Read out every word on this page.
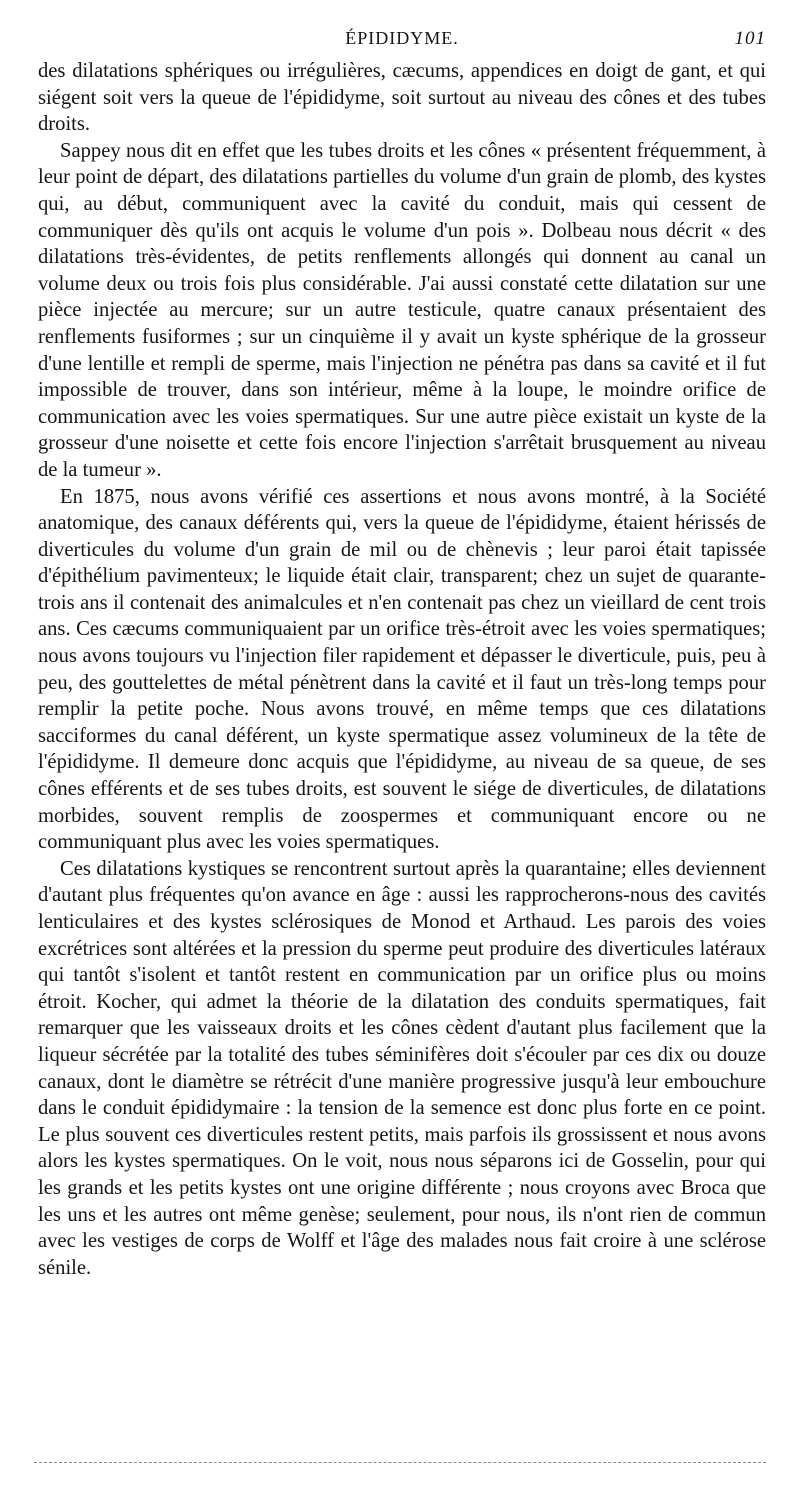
ÉPIDIDYME.	101

des dilatations sphériques ou irrégulières, cæcums, appendices en doigt de gant, et qui siégent soit vers la queue de l'épididyme, soit surtout au niveau des cônes et des tubes droits.

Sappey nous dit en effet que les tubes droits et les cônes « présentent fréquemment, à leur point de départ, des dilatations partielles du volume d'un grain de plomb, des kystes qui, au début, communiquent avec la cavité du conduit, mais qui cessent de communiquer dès qu'ils ont acquis le volume d'un pois ». Dolbeau nous décrit « des dilatations très-évidentes, de petits renflements allongés qui donnent au canal un volume deux ou trois fois plus considérable. J'ai aussi constaté cette dilatation sur une pièce injectée au mercure; sur un autre testicule, quatre canaux présentaient des renflements fusiformes ; sur un cinquième il y avait un kyste sphérique de la grosseur d'une lentille et rempli de sperme, mais l'injection ne pénétra pas dans sa cavité et il fut impossible de trouver, dans son intérieur, même à la loupe, le moindre orifice de communication avec les voies spermatiques. Sur une autre pièce existait un kyste de la grosseur d'une noisette et cette fois encore l'injection s'arrêtait brusquement au niveau de la tumeur ».

En 1875, nous avons vérifié ces assertions et nous avons montré, à la Société anatomique, des canaux déférents qui, vers la queue de l'épididyme, étaient hérissés de diverticules du volume d'un grain de mil ou de chènevis ; leur paroi était tapissée d'épithélium pavimenteux; le liquide était clair, transparent; chez un sujet de quarante-trois ans il contenait des animalcules et n'en contenait pas chez un vieillard de cent trois ans. Ces cæcums communiquaient par un orifice très-étroit avec les voies spermatiques; nous avons toujours vu l'injection filer rapidement et dépasser le diverticule, puis, peu à peu, des gouttelettes de métal pénètrent dans la cavité et il faut un très-long temps pour remplir la petite poche. Nous avons trouvé, en même temps que ces dilatations sacciformes du canal déférent, un kyste spermatique assez volumineux de la tête de l'épididyme. Il demeure donc acquis que l'épididyme, au niveau de sa queue, de ses cônes efférents et de ses tubes droits, est souvent le siége de diverticules, de dilatations morbides, souvent remplis de zoospermes et communiquant encore ou ne communiquant plus avec les voies spermatiques.

Ces dilatations kystiques se rencontrent surtout après la quarantaine; elles deviennent d'autant plus fréquentes qu'on avance en âge : aussi les rapprocherons-nous des cavités lenticulaires et des kystes sclérosiques de Monod et Arthaud. Les parois des voies excrétrices sont altérées et la pression du sperme peut produire des diverticules latéraux qui tantôt s'isolent et tantôt restent en communication par un orifice plus ou moins étroit. Kocher, qui admet la théorie de la dilatation des conduits spermatiques, fait remarquer que les vaisseaux droits et les cônes cèdent d'autant plus facilement que la liqueur sécrétée par la totalité des tubes séminifères doit s'écouler par ces dix ou douze canaux, dont le diamètre se rétrécit d'une manière progressive jusqu'à leur embouchure dans le conduit épididymaire : la tension de la semence est donc plus forte en ce point. Le plus souvent ces diverticules restent petits, mais parfois ils grossissent et nous avons alors les kystes spermatiques. On le voit, nous nous séparons ici de Gosselin, pour qui les grands et les petits kystes ont une origine différente ; nous croyons avec Broca que les uns et les autres ont même genèse; seulement, pour nous, ils n'ont rien de commun avec les vestiges de corps de Wolff et l'âge des malades nous fait croire à une sclérose sénile.
